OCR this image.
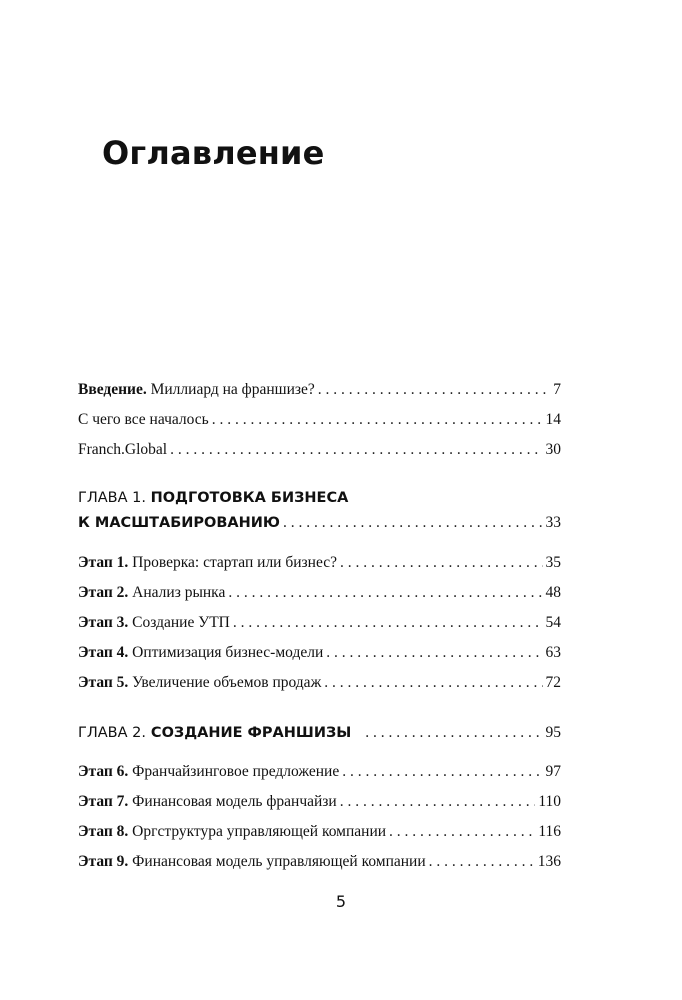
Оглавление
Введение. Миллиард на франшизе? . . .	7
С чего все началось . . .	14
Franch.Global . . .	30
ГЛАВА 1.
ПОДГОТОВКА БИЗНЕСА
К МАСШТАБИРОВАНИЮ . . .	33
Этап 1. Проверка: стартап или бизнес? . . .	35
Этап 2. Анализ рынка . . .	48
Этап 3. Создание УТП . . .	54
Этап 4. Оптимизация бизнес-модели . . .	63
Этап 5. Увеличение объемов продаж . . .	72
ГЛАВА 2. СОЗДАНИЕ ФРАНШИЗЫ . . .	95
Этап 6. Франчайзинговое предложение . . .	97
Этап 7. Финансовая модель франчайзи . . .	110
Этап 8. Оргструктура управляющей компании . . .	116
Этап 9. Финансовая модель управляющей компании . . .	136
5
